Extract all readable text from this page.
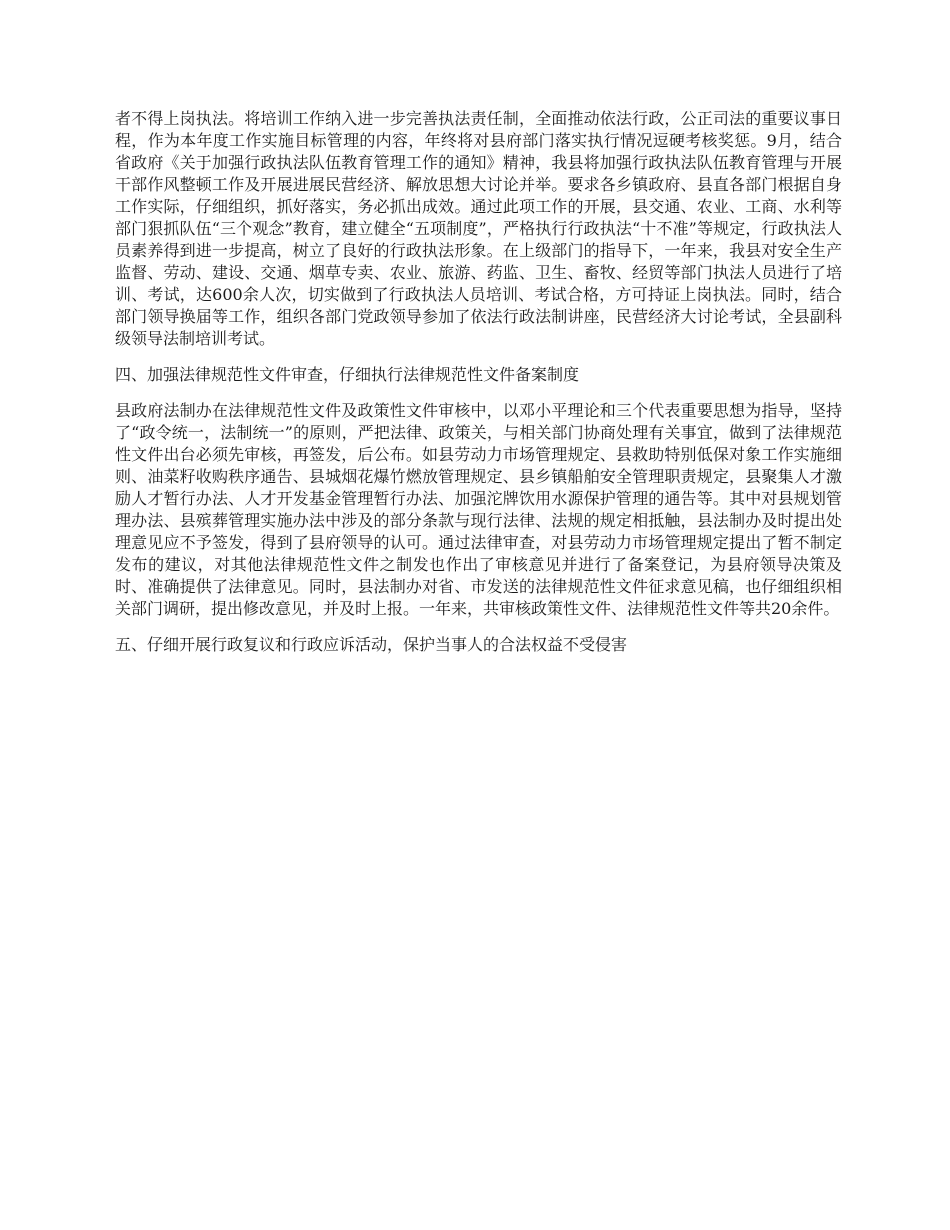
者不得上岗执法。将培训工作纳入进一步完善执法责任制，全面推动依法行政，公正司法的重要议事日程，作为本年度工作实施目标管理的内容，年终将对县府部门落实执行情况逗硬考核奖惩。9月，结合省政府《关于加强行政执法队伍教育管理工作的通知》精神，我县将加强行政执法队伍教育管理与开展干部作风整顿工作及开展进展民营经济、解放思想大讨论并举。要求各乡镇政府、县直各部门根据自身工作实际，仔细组织，抓好落实，务必抓出成效。通过此项工作的开展，县交通、农业、工商、水利等部门狠抓队伍“三个观念”教育，建立健全“五项制度”，严格执行行政执法“十不准”等规定，行政执法人员素养得到进一步提高，树立了良好的行政执法形象。在上级部门的指导下，一年来，我县对安全生产监督、劳动、建设、交通、烟草专卖、农业、旅游、药监、卫生、畜牧、经贸等部门执法人员进行了培训、考试，达600余人次，切实做到了行政执法人员培训、考试合格，方可持证上岗执法。同时，结合部门领导换届等工作，组织各部门党政领导参加了依法行政法制讲座，民营经济大讨论考试，全县副科级领导法制培训考试。

四、加强法律规范性文件审查，仔细执行法律规范性文件备案制度

县政府法制办在法律规范性文件及政策性文件审核中，以邓小平理论和三个代表重要思想为指导，坚持了“政令统一，法制统一”的原则，严把法律、政策关，与相关部门协商处理有关事宜，做到了法律规范性文件出台必须先审核，再签发，后公布。如县劳动力市场管理规定、县救助特别低保对象工作实施细则、油菜籽收购秩序通告、县城烟花爆竹燃放管理规定、县乡镇船舶安全管理职责规定，县聚集人才激励人才暂行办法、人才开发基金管理暂行办法、加强沱牌饮用水源保护管理的通告等。其中对县规划管理办法、县殡葬管理实施办法中涉及的部分条款与现行法律、法规的规定相抵触，县法制办及时提出处理意见应不予签发，得到了县府领导的认可。通过法律审查，对县劳动力市场管理规定提出了暂不制定发布的建议，对其他法律规范性文件之制发也作出了审核意见并进行了备案登记，为县府领导决策及时、准确提供了法律意见。同时，县法制办对省、市发送的法律规范性文件征求意见稿，也仔细组织相关部门调研，提出修改意见，并及时上报。一年来，共审核政策性文件、法律规范性文件等共20余件。

五、仔细开展行政复议和行政应诉活动，保护当事人的合法权益不受侵害
